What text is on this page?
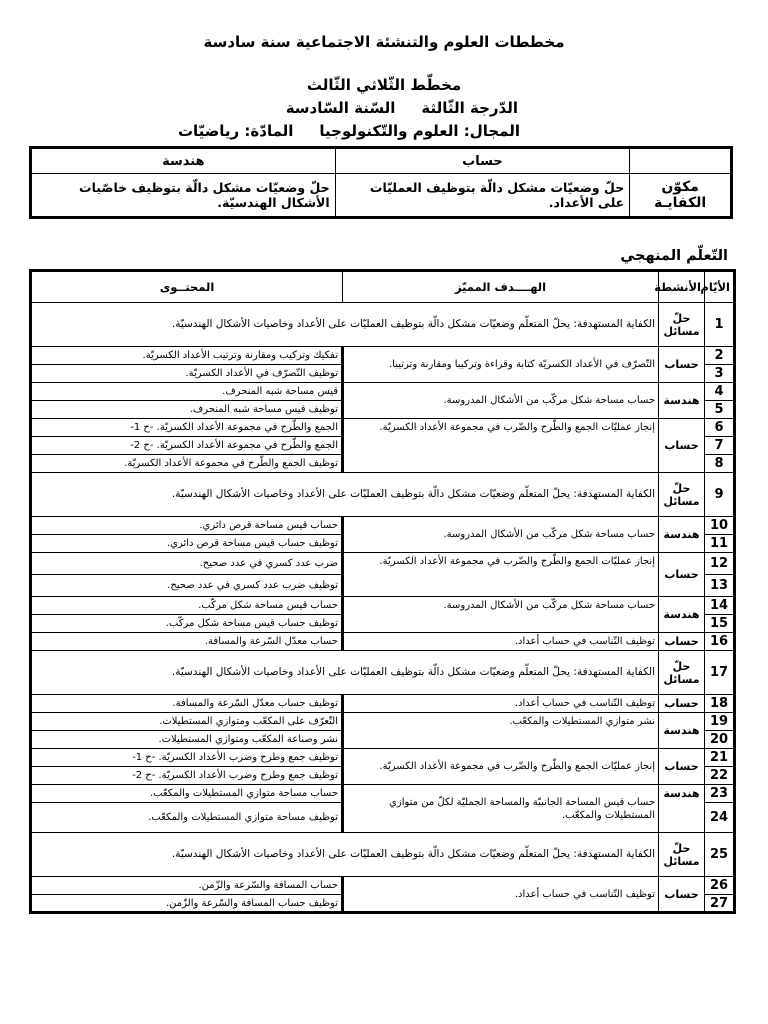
مخططات العلوم والتنشئة الاجتماعية سنة سادسة
مخطّط الثّلاثي الثّالث
الدّرجة الثّالثةالسّنة السّادسة
المجال: العلوم والتّكنولوجياالمادّة: رياضيّات
	حساب	هندسة
مكوّن الكفايـة	حلّ وضعيّات مشكل دالّة بتوظيف العمليّات على الأعداد.	حلّ وضعيّات مشكل دالّة بتوظيف خاصّيات الأشكال الهندسيّة.
التّعلّم المنهجي
الأيّام	الأنشطة	الهــــدف المميّز	المحتــوى
1	حلّ مسائل	الكفاية المستهدفة: يحلّ المتعلّم وضعيّات مشكل دالّة بتوظيف العمليّات على الأعداد وخاصيات الأشكال الهندسيّة.	
2	حساب	التّصرّف في الأعداد الكسريّة كتابة وقراءة وتركيبا ومقارنة وترتيبا.	تفكيك وتركيب ومقارنة وترتيب الأعداد الكسريّة.
3			توظيف التّصرّف في الأعداد الكسريّة.
4	هندسة	حساب مساحة شكل مركّب من الأشكال المدروسة.	قيس مساحة شبه المنحرف.
5			توظيف قيس مساحة شبه المنحرف.
6	حساب	إنجاز عمليّات الجمع والطّرح والضّرب في مجموعة الأعداد الكسريّة.	الجمع والطّرح في مجموعة الأعداد الكسريّة. -ح 1-
7			الجمع والطّرح في مجموعة الأعداد الكسريّة. -ح 2-
8			توظيف الجمع والطّرح في مجموعة الأعداد الكسريّة.
9	حلّ مسائل	الكفاية المستهدفة: يحلّ المتعلّم وضعيّات مشكل دالّة بتوظيف العمليّات على الأعداد وخاصيات الأشكال الهندسيّة.	
10	هندسة	حساب مساحة شكل مركّب من الأشكال المدروسة.	حساب قيس مساحة قرص دائري.
11			توظيف حساب قيس مساحة قرص دائري.
12	حساب	إنجاز عمليّات الجمع والطّرح والضّرب في مجموعة الأعداد الكسريّة.	ضرب عدد كسري في عدد صحيح.
13			توظيف ضرب عدد كسري في عدد صحيح.
14	هندسة	حساب مساحة شكل مركّب من الأشكال المدروسة.	حساب قيس مساحة شكل مركّب.
15			توظيف حساب قيس مساحة شكل مركّب.
16	حساب	توظيف التّناسب في حساب أعداد.	حساب معدّل السّرعة والمسافة.
17	حلّ مسائل	الكفاية المستهدفة: يحلّ المتعلّم وضعيّات مشكل دالّة بتوظيف العمليّات على الأعداد وخاصيات الأشكال الهندسيّة.	
18	حساب	توظيف التّناسب في حساب أعداد.	توظيف حساب معدّل السّرعة والمسافة.
19	هندسة	نشر متوازي المستطيلات والمكعّب.	التّعرّف على المكعّب ومتوازي المستطيلات.
20			نشر وصناعة المكعّب ومتوازي المستطيلات.
21	حساب	إنجاز عمليّات الجمع والطّرح والضّرب في مجموعة الأعداد الكسريّة.	توظيف جمع وطرح وضرب الأعداد الكسريّة. -ح 1-
22			توظيف جمع وطرح وضرب الأعداد الكسريّة. -ح 2-
23	هندسة	حساب قيس المساحة الجانبيّة والمساحة الجمليّة لكلّ من متوازي المستطيلات والمكعّب.	حساب مساحة متوازي المستطيلات والمكعّب.
24			توظيف مساحة متوازي المستطيلات والمكعّب.
25	حلّ مسائل	الكفاية المستهدفة: يحلّ المتعلّم وضعيّات مشكل دالّة بتوظيف العمليّات على الأعداد وخاصيات الأشكال الهندسيّة.	
26	حساب	توظيف التّناسب في حساب أعداد.	حساب المسافة والسّرعة والزّمن.
27			توظيف حساب المسافة والسّرعة والزّمن.
